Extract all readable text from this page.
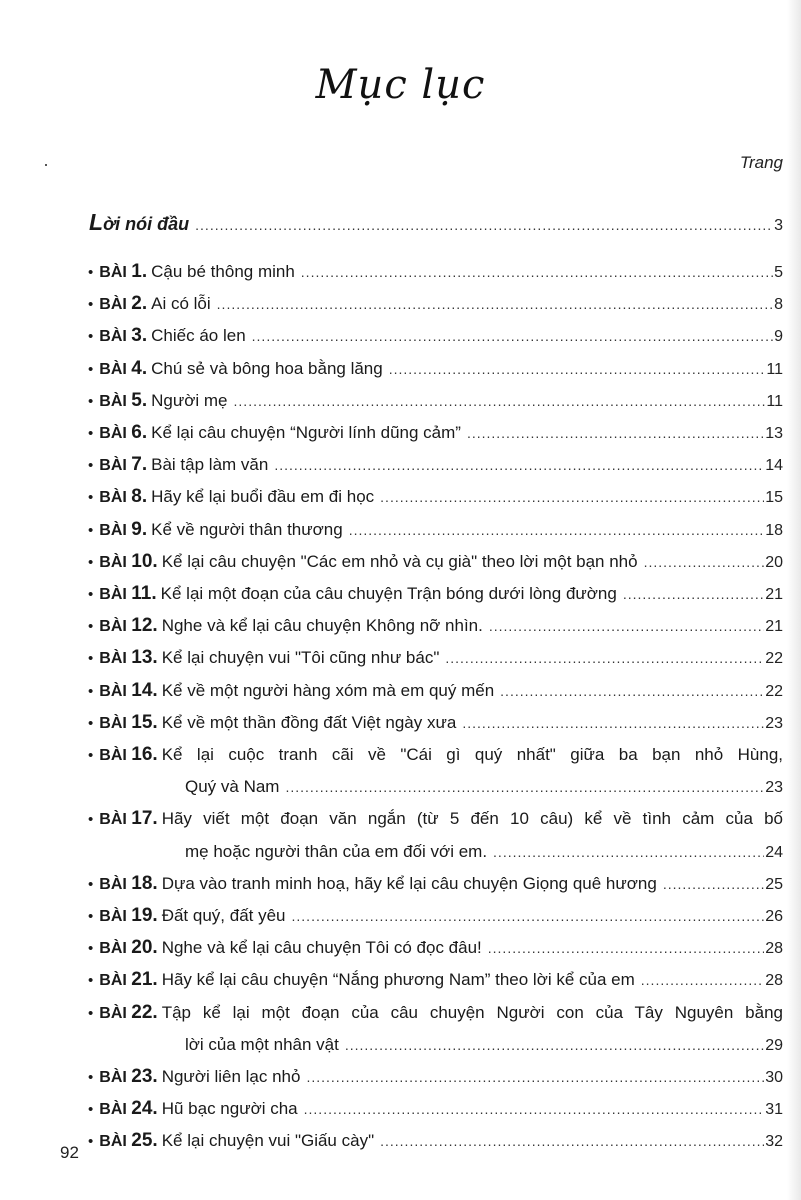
Mục lục
Trang
Lời nói đầu .....	3
• BÀI 1. Cậu bé thông minh .....	5
• BÀI 2. Ai có lỗi .....	8
• BÀI 3. Chiếc áo len .....	9
• BÀI 4. Chú sẻ và bông hoa bằng lăng .....	11
• BÀI 5. Người mẹ .....	11
• BÀI 6. Kể lại câu chuyện “Người lính dũng cảm” .....	13
• BÀI 7. Bài tập làm văn .....	14
• BÀI 8. Hãy kể lại buổi đầu em đi học .....	15
• BÀI 9. Kể về người thân thương .....	18
• BÀI 10. Kể lại câu chuyện "Các em nhỏ và cụ già" theo lời một bạn nhỏ .....	20
• BÀI 11. Kể lại một đoạn của câu chuyện Trận bóng dưới lòng đường .....	21
• BÀI 12. Nghe và kể lại câu chuyện Không nỡ nhìn. .....	21
• BÀI 13. Kể lại chuyện vui "Tôi cũng như bác" .....	22
• BÀI 14. Kể về một người hàng xóm mà em quý mến .....	22
• BÀI 15. Kể về một thần đồng đất Việt ngày xưa .....	23
• BÀI 16. Kể lại cuộc tranh cãi về "Cái gì quý nhất" giữa ba bạn nhỏ Hùng,
Quý và Nam .....	23
• BÀI 17. Hãy viết một đoạn văn ngắn (từ 5 đến 10 câu) kể về tình cảm của bố
mẹ hoặc người thân của em đối với em. .....	24
• BÀI 18. Dựa vào tranh minh hoạ, hãy kể lại câu chuyện Giọng quê hương .....	25
• BÀI 19. Đất quý, đất yêu .....	26
• BÀI 20. Nghe và kể lại câu chuyện Tôi có đọc đâu! .....	28
• BÀI 21. Hãy kể lại câu chuyện “Nắng phương Nam” theo lời kể của em .....	28
• BÀI 22. Tập kể lại một đoạn của câu chuyện Người con của Tây Nguyên bằng
lời của một nhân vật .....	29
• BÀI 23. Người liên lạc nhỏ .....	30
• BÀI 24. Hũ bạc người cha .....	31
• BÀI 25. Kể lại chuyện vui "Giấu cày" .....	32
92
